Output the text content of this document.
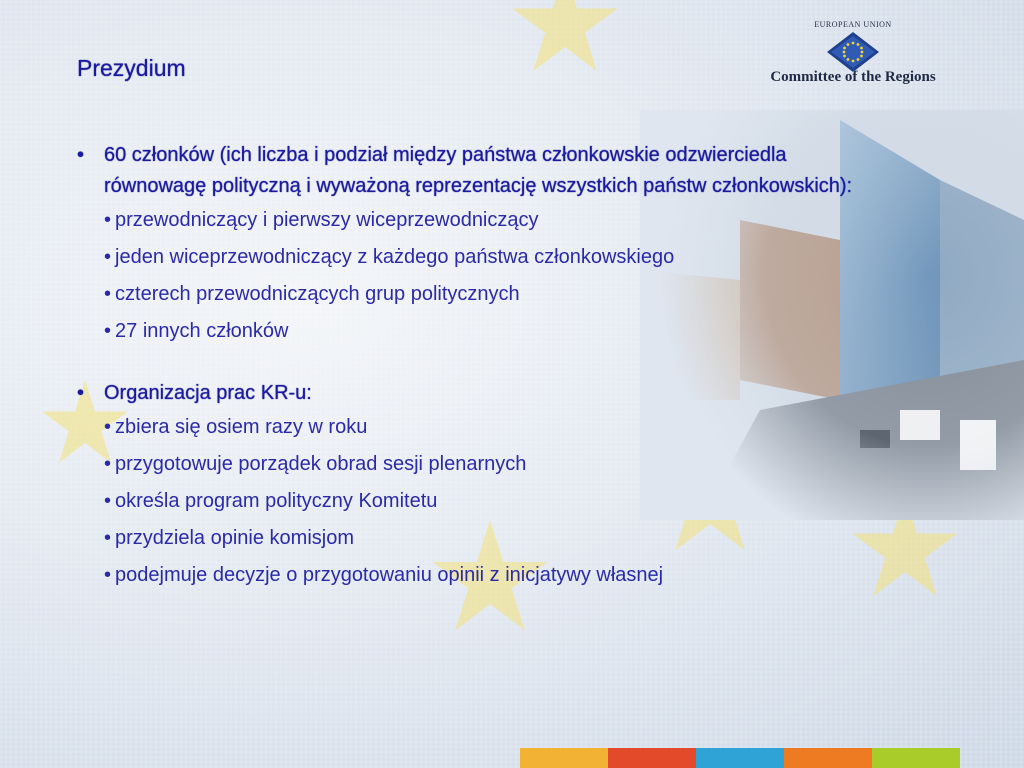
Prezydium
EUROPEAN UNION
Committee of the Regions
• 60 członków (ich liczba i podział między państwa członkowskie odzwierciedla równowagę polityczną i wyważoną reprezentację wszystkich państw członkowskich):
• przewodniczący i pierwszy wiceprzewodniczący
• jeden wiceprzewodniczący z każdego państwa członkowskiego
• czterech przewodniczących grup politycznych
• 27 innych członków
• Organizacja prac KR-u:
• zbiera się osiem razy w roku
• przygotowuje porządek obrad sesji plenarnych
• określa program polityczny Komitetu
• przydziela opinie komisjom
• podejmuje decyzje o przygotowaniu opinii z inicjatywy własnej
